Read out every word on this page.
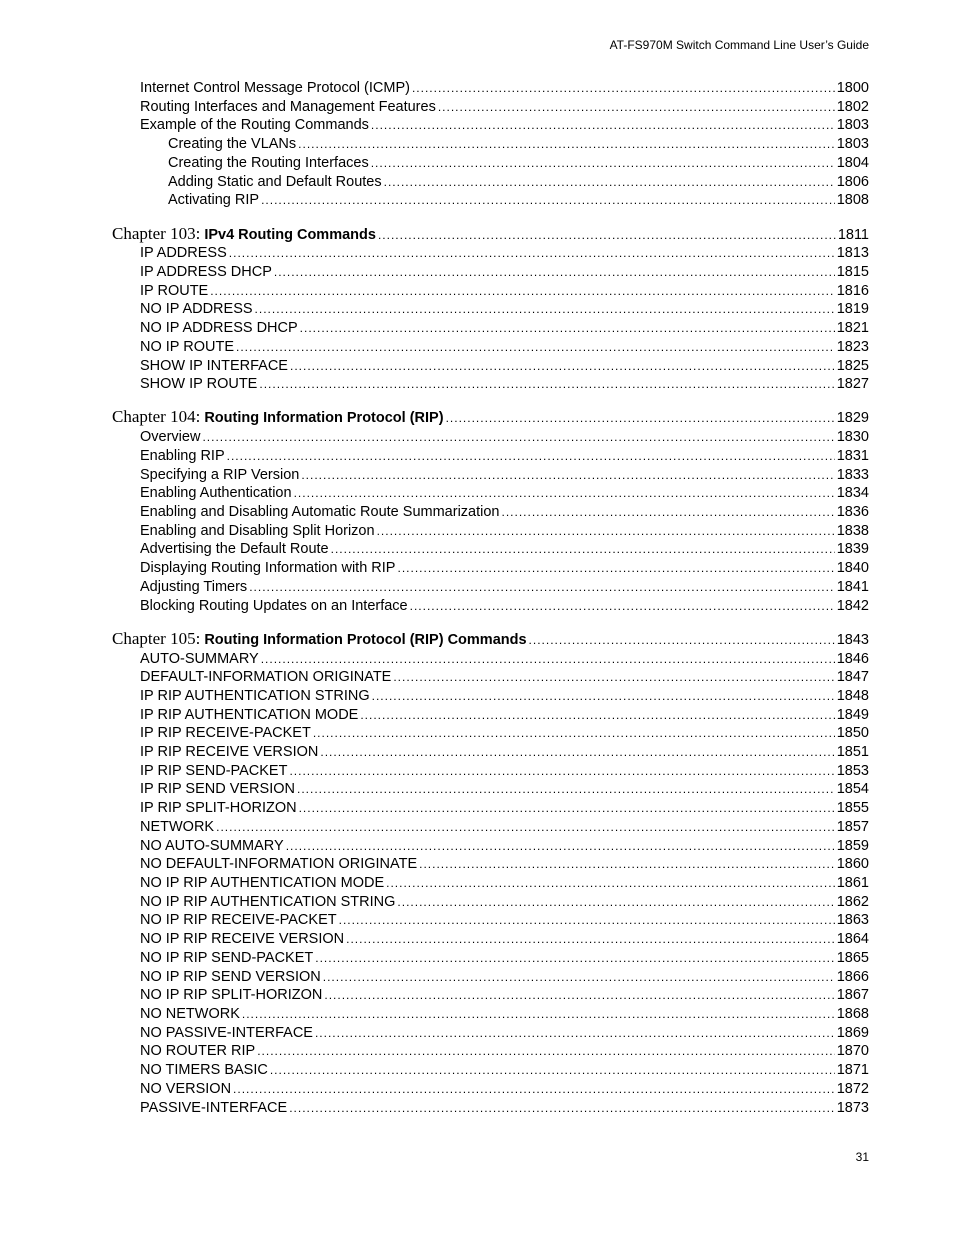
AT-FS970M Switch Command Line User’s Guide
Internet Control Message Protocol (ICMP) .....	1800
Routing Interfaces and Management Features .....	1802
Example of the Routing Commands .....	1803
Creating the VLANs .....	1803
Creating the Routing Interfaces .....	1804
Adding Static and Default Routes .....	1806
Activating RIP .....	1808
Chapter 103: IPv4 Routing Commands .....	1811
IP ADDRESS .....	1813
IP ADDRESS DHCP .....	1815
IP ROUTE .....	1816
NO IP ADDRESS .....	1819
NO IP ADDRESS DHCP .....	1821
NO IP ROUTE .....	1823
SHOW IP INTERFACE .....	1825
SHOW IP ROUTE .....	1827
Chapter 104: Routing Information Protocol (RIP) .....	1829
Overview .....	1830
Enabling RIP .....	1831
Specifying a RIP Version .....	1833
Enabling Authentication .....	1834
Enabling and Disabling Automatic Route Summarization .....	1836
Enabling and Disabling Split Horizon .....	1838
Advertising the Default Route .....	1839
Displaying Routing Information with RIP .....	1840
Adjusting Timers .....	1841
Blocking Routing Updates on an Interface .....	1842
Chapter 105: Routing Information Protocol (RIP) Commands .....	1843
AUTO-SUMMARY .....	1846
DEFAULT-INFORMATION ORIGINATE .....	1847
IP RIP AUTHENTICATION STRING .....	1848
IP RIP AUTHENTICATION MODE .....	1849
IP RIP RECEIVE-PACKET .....	1850
IP RIP RECEIVE VERSION .....	1851
IP RIP SEND-PACKET .....	1853
IP RIP SEND VERSION .....	1854
IP RIP SPLIT-HORIZON .....	1855
NETWORK .....	1857
NO AUTO-SUMMARY .....	1859
NO DEFAULT-INFORMATION ORIGINATE .....	1860
NO IP RIP AUTHENTICATION MODE .....	1861
NO IP RIP AUTHENTICATION STRING .....	1862
NO IP RIP RECEIVE-PACKET .....	1863
NO IP RIP RECEIVE VERSION .....	1864
NO IP RIP SEND-PACKET .....	1865
NO IP RIP SEND VERSION .....	1866
NO IP RIP SPLIT-HORIZON .....	1867
NO NETWORK .....	1868
NO PASSIVE-INTERFACE .....	1869
NO ROUTER RIP .....	1870
NO TIMERS BASIC .....	1871
NO VERSION .....	1872
PASSIVE-INTERFACE .....	1873
31
